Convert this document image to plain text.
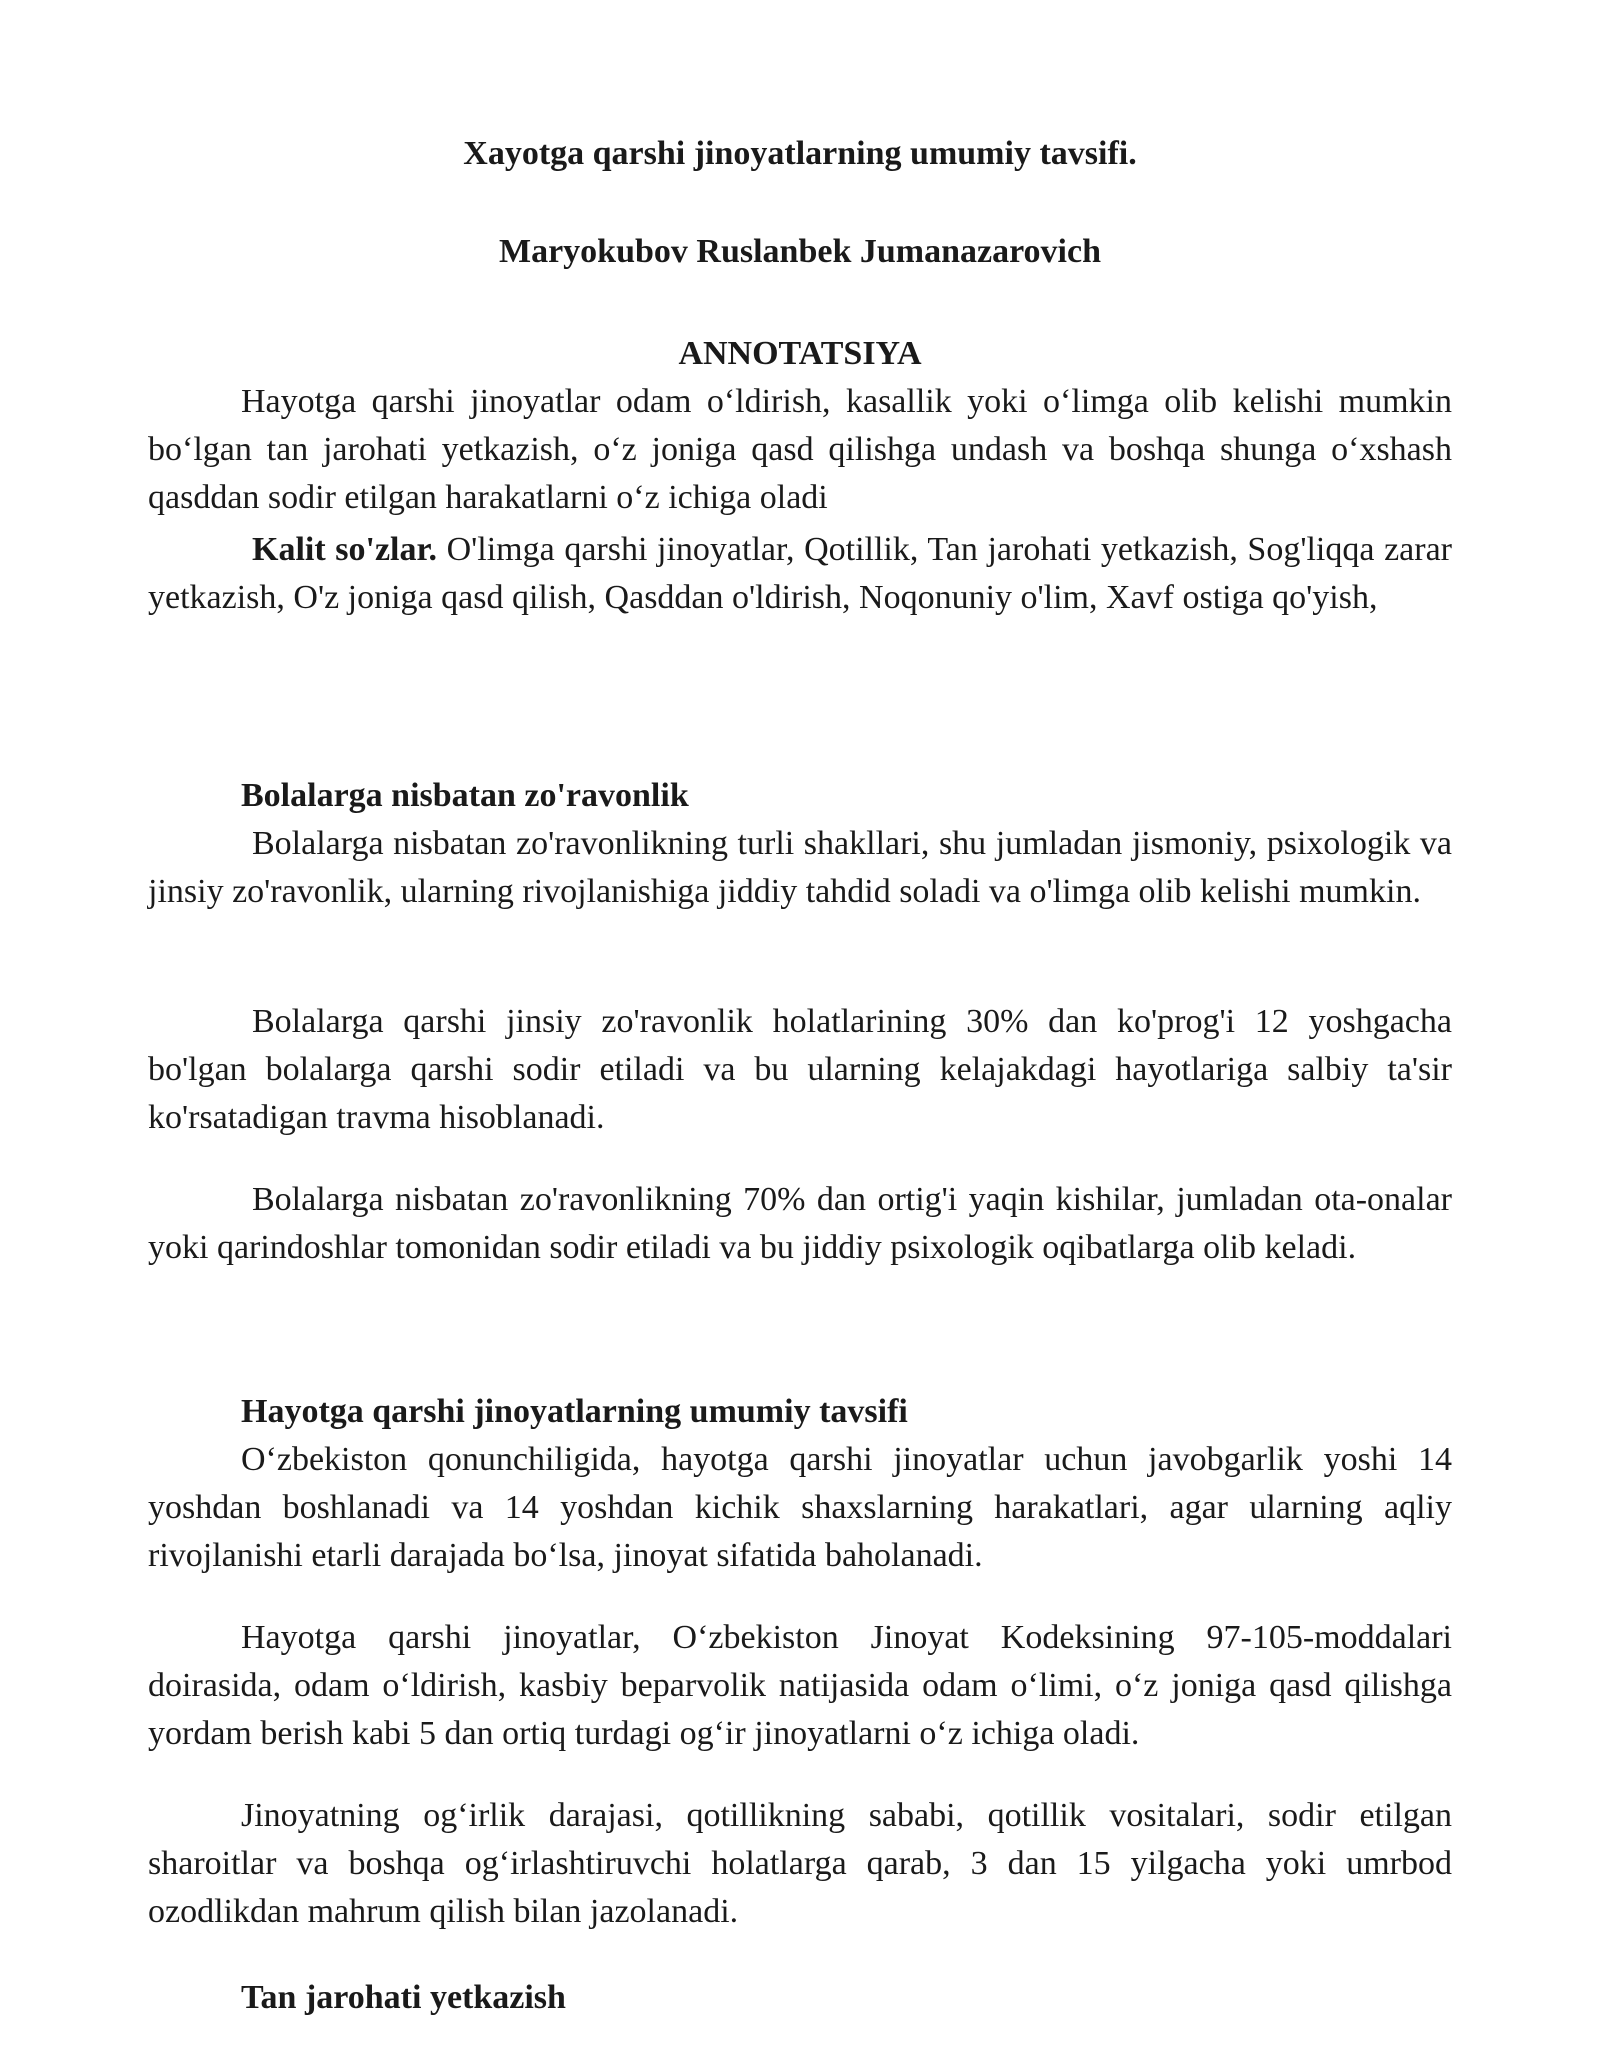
Xayotga qarshi jinoyatlarning umumiy tavsifi.
Maryokubov Ruslanbek Jumanazarovich
ANNOTATSIYA

Hayotga qarshi jinoyatlar odam o‘ldirish, kasallik yoki o‘limga olib kelishi mumkin bo‘lgan tan jarohati yetkazish, o‘z joniga qasd qilishga undash va boshqa shunga o‘xshash qasddan sodir etilgan harakatlarni o‘z ichiga oladi

Kalit so'zlar. O'limga qarshi jinoyatlar, Qotillik, Tan jarohati yetkazish, Sog'liqqa zarar yetkazish, O'z joniga qasd qilish, Qasddan o'ldirish, Noqonuniy o'lim, Xavf ostiga qo'yish,

Bolalarga nisbatan zo'ravonlik

Bolalarga nisbatan zo'ravonlikning turli shakllari, shu jumladan jismoniy, psixologik va jinsiy zo'ravonlik, ularning rivojlanishiga jiddiy tahdid soladi va o'limga olib kelishi mumkin.

Bolalarga qarshi jinsiy zo'ravonlik holatlarining 30% dan ko'prog'i 12 yoshgacha bo'lgan bolalarga qarshi sodir etiladi va bu ularning kelajakdagi hayotlariga salbiy ta'sir ko'rsatadigan travma hisoblanadi.

Bolalarga nisbatan zo'ravonlikning 70% dan ortig'i yaqin kishilar, jumladan ota-onalar yoki qarindoshlar tomonidan sodir etiladi va bu jiddiy psixologik oqibatlarga olib keladi.

Hayotga qarshi jinoyatlarning umumiy tavsifi

O‘zbekiston qonunchiligida, hayotga qarshi jinoyatlar uchun javobgarlik yoshi 14 yoshdan boshlanadi va 14 yoshdan kichik shaxslarning harakatlari, agar ularning aqliy rivojlanishi etarli darajada bo‘lsa, jinoyat sifatida baholanadi.

Hayotga qarshi jinoyatlar, O‘zbekiston Jinoyat Kodeksining 97-105-moddalari doirasida, odam o‘ldirish, kasbiy beparvolik natijasida odam o‘limi, o‘z joniga qasd qilishga yordam berish kabi 5 dan ortiq turdagi og‘ir jinoyatlarni o‘z ichiga oladi.

Jinoyatning og‘irlik darajasi, qotillikning sababi, qotillik vositalari, sodir etilgan sharoitlar va boshqa og‘irlashtiruvchi holatlarga qarab, 3 dan 15 yilgacha yoki umrbod ozodlikdan mahrum qilish bilan jazolanadi.

Tan jarohati yetkazish
